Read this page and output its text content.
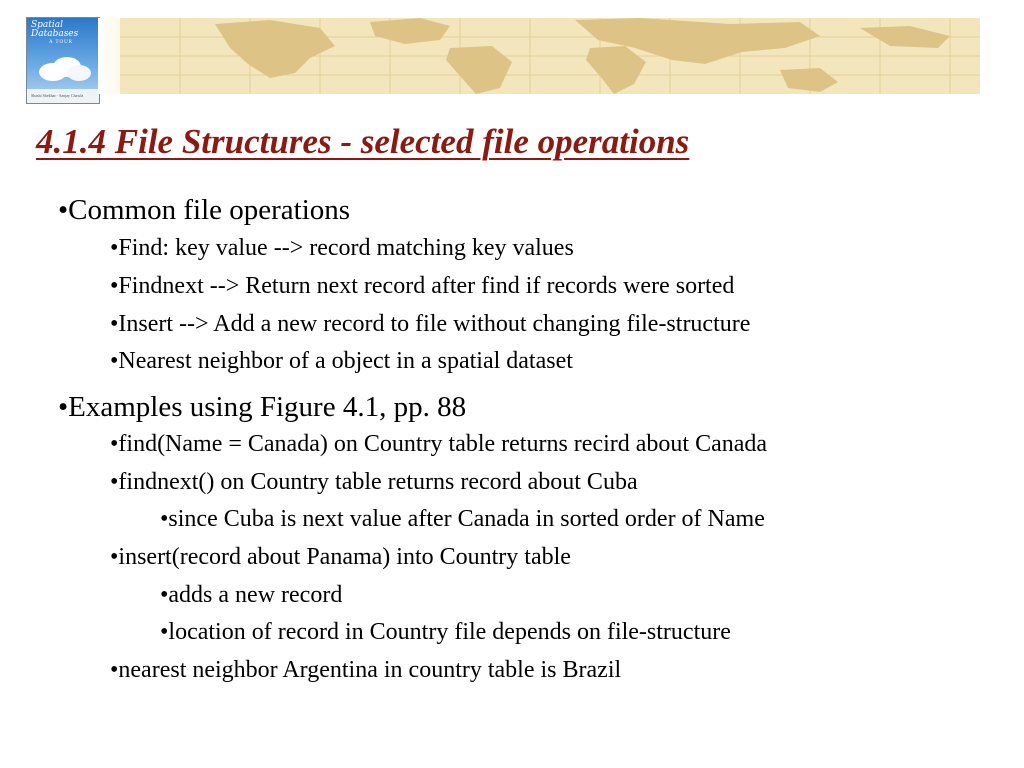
Spatial Databases
A TOUR
Shashi Shekhar · Sanjay Chawla
4.1.4 File Structures - selected file operations
•Common file operations
•Find: key value --> record matching key values
•Findnext --> Return next record after find if records were sorted
•Insert --> Add a new record to file without changing file-structure
•Nearest neighbor of a object in a spatial dataset
•Examples using Figure 4.1, pp. 88
•find(Name = Canada) on Country table returns recird about Canada
•findnext() on Country table returns record about Cuba
•since Cuba is next value after Canada in sorted order of Name
•insert(record about Panama) into Country table
•adds a new record
•location of record in Country file depends on file-structure
•nearest neighbor Argentina in country table is Brazil
